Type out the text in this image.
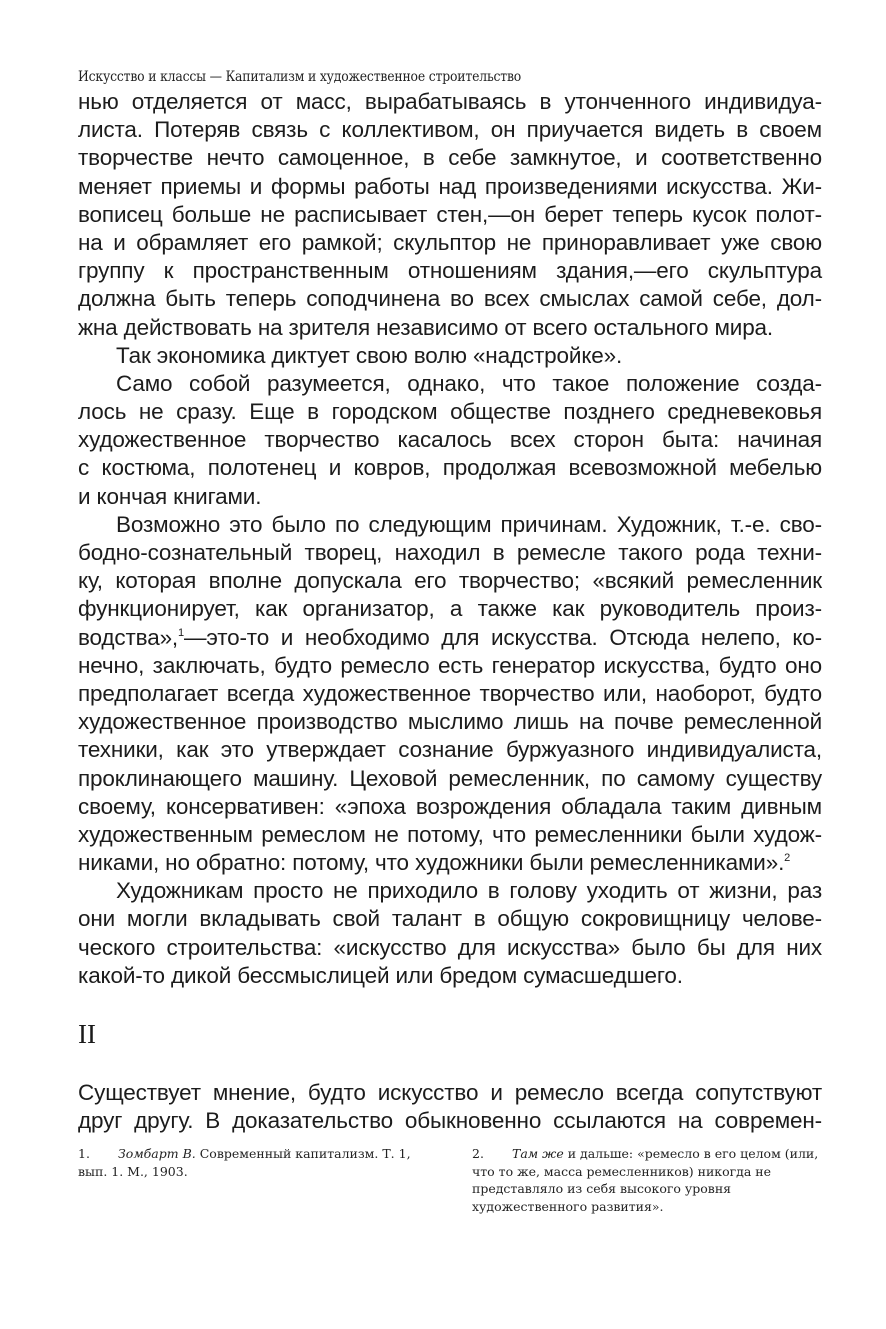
Искусство и классы — Капитализм и художественное строительство
нью отделяется от масс, вырабатываясь в утонченного индивидуа-
листа. Потеряв связь с коллективом, он приучается видеть в своем
творчестве нечто самоценное, в себе замкнутое, и соответственно
меняет приемы и формы работы над произведениями искусства. Жи-
вописец больше не расписывает стен,—он берет теперь кусок полот-
на и обрамляет его рамкой; скульптор не приноравливает уже свою
группу к пространственным отношениям здания,—его скульптура
должна быть теперь соподчинена во всех смыслах самой себе, дол-
жна действовать на зрителя независимо от всего остального мира.
Так экономика диктует свою волю «надстройке».
Само собой разумеется, однако, что такое положение созда-
лось не сразу. Еще в городском обществе позднего средневековья
художественное творчество касалось всех сторон быта: начиная
с костюма, полотенец и ковров, продолжая всевозможной мебелью
и кончая книгами.
Возможно это было по следующим причинам. Художник, т.-е. сво-
бодно-сознательный творец, находил в ремесле такого рода техни-
ку, которая вполне допускала его творчество; «всякий ремесленник
функционирует, как организатор, а также как руководитель произ-
водства»,$^1$—это-то и необходимо для искусства. Отсюда нелепо, ко-
нечно, заключать, будто ремесло есть генератор искусства, будто оно
предполагает всегда художественное творчество или, наоборот, будто
художественное производство мыслимо лишь на почве ремесленной
техники, как это утверждает сознание буржуазного индивидуалиста,
проклинающего машину. Цеховой ремесленник, по самому существу
своему, консервативен: «эпоха возрождения обладала таким дивным
художественным ремеслом не потому, что ремесленники были худож-
никами, но обратно: потому, что художники были ремесленниками».$^2$
Художникам просто не приходило в голову уходить от жизни, раз
они могли вкладывать свой талант в общую сокровищницу челове-
ческого строительства: «искусство для искусства» было бы для них
какой-то дикой бессмыслицей или бредом сумасшедшего.
II
Существует мнение, будто искусство и ремесло всегда сопутствуют
друг другу. В доказательство обыкновенно ссылаются на современ-
1. Зомбарт В. Современный капитализм. Т. 1, вып. 1. М., 1903.
2. Там же и дальше: «ремесло в его целом (или, что то же, масса ремесленников) никогда не представляло из себя высокого уровня художественного развития».
